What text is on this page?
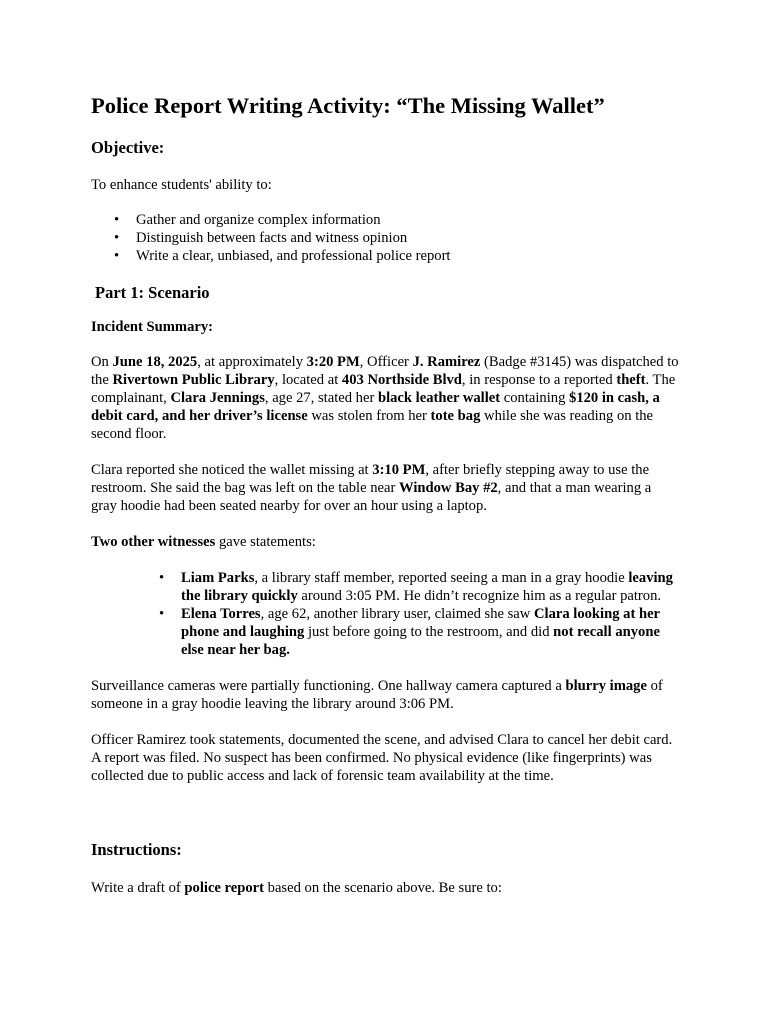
Police Report Writing Activity: “The Missing Wallet”
Objective:

To enhance students' ability to:

• Gather and organize complex information
• Distinguish between facts and witness opinion
• Write a clear, unbiased, and professional police report
Part 1: Scenario
Incident Summary:

On June 18, 2025, at approximately 3:20 PM, Officer J. Ramirez (Badge #3145) was dispatched to the Rivertown Public Library, located at 403 Northside Blvd, in response to a reported theft. The complainant, Clara Jennings, age 27, stated her black leather wallet containing $120 in cash, a debit card, and her driver’s license was stolen from her tote bag while she was reading on the second floor.

Clara reported she noticed the wallet missing at 3:10 PM, after briefly stepping away to use the restroom. She said the bag was left on the table near Window Bay #2, and that a man wearing a gray hoodie had been seated nearby for over an hour using a laptop.

Two other witnesses gave statements:

• Liam Parks, a library staff member, reported seeing a man in a gray hoodie leaving the library quickly around 3:05 PM. He didn’t recognize him as a regular patron.
• Elena Torres, age 62, another library user, claimed she saw Clara looking at her phone and laughing just before going to the restroom, and did not recall anyone else near her bag.

Surveillance cameras were partially functioning. One hallway camera captured a blurry image of someone in a gray hoodie leaving the library around 3:06 PM.

Officer Ramirez took statements, documented the scene, and advised Clara to cancel her debit card. A report was filed. No suspect has been confirmed. No physical evidence (like fingerprints) was collected due to public access and lack of forensic team availability at the time.

Instructions:

Write a draft of police report based on the scenario above. Be sure to:
